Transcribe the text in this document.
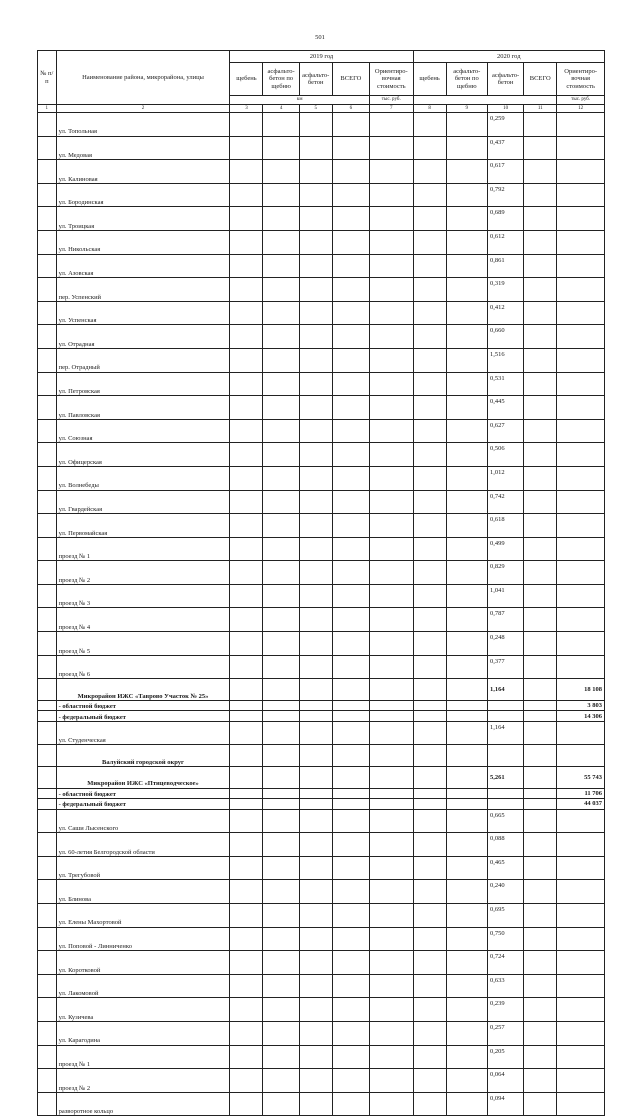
501
№ п/п	Наименование района, микрорайона, улицы	2019 год					2020 год				
		щебень	асфальто-бетон по щебню	асфальто-бетон	ВСЕГО	Ориентиро-вочная стоимость	щебень	асфальто-бетон по щебню	асфальто-бетон	ВСЕГО	Ориентиро-вочная стоимость
		км				тыс. руб.					тыс. руб.
1	2	3	4	5	6	7	8	9	10	11	12
	ул. Топольная								0,259		
	ул. Медовая								0,437		
	ул. Калиновая								0,617		
	ул. Бородинская								0,792		
	ул. Троицкая								0,689		
	ул. Никольская								0,612		
	ул. Азовская								0,861		
	пер. Успенский								0,319		
	ул. Успенская								0,412		
	ул. Отрадная								0,660		
	пер. Отрадный								1,516		
	ул. Петровская								0,531		
	ул. Павловская								0,445		
	ул. Союзная								0,627		
	ул. Офицерская								0,506		
	ул. Волнебеды								1,012		
	ул. Гвардейская								0,742		
	ул. Первомайская								0,618		
	проезд № 1								0,499		
	проезд № 2								0,829		
	проезд № 3								1,041		
	проезд № 4								0,787		
	проезд № 5								0,248		
	проезд № 6								0,377		
	Микрорайон ИЖС «Таврово Участок № 25»								1,164		18 108
	- областной бюджет										3 803
	- федеральный бюджет										14 306
	ул. Студенческая								1,164		
	Валуйский городской округ										
	Микрорайон ИЖС «Птицеводческое»								5,261		55 743
	- областной бюджет										11 706
	- федеральный бюджет										44 037
	ул. Саши Лысенского								0,665		
	ул. 60-летия Белгородской области								0,088		
	ул. Трегубовой								0,465		
	ул. Блинова								0,240		
	ул. Елены Махортовой								0,695		
	ул. Поповой - Линниченко								0,750		
	ул. Коротковой								0,724		
	ул. Лакомовой								0,633		
	ул. Кузичева								0,239		
	ул. Карагодина								0,257		
	проезд № 1								0,205		
	проезд № 2								0,064		
	разворотное кольцо								0,094		
